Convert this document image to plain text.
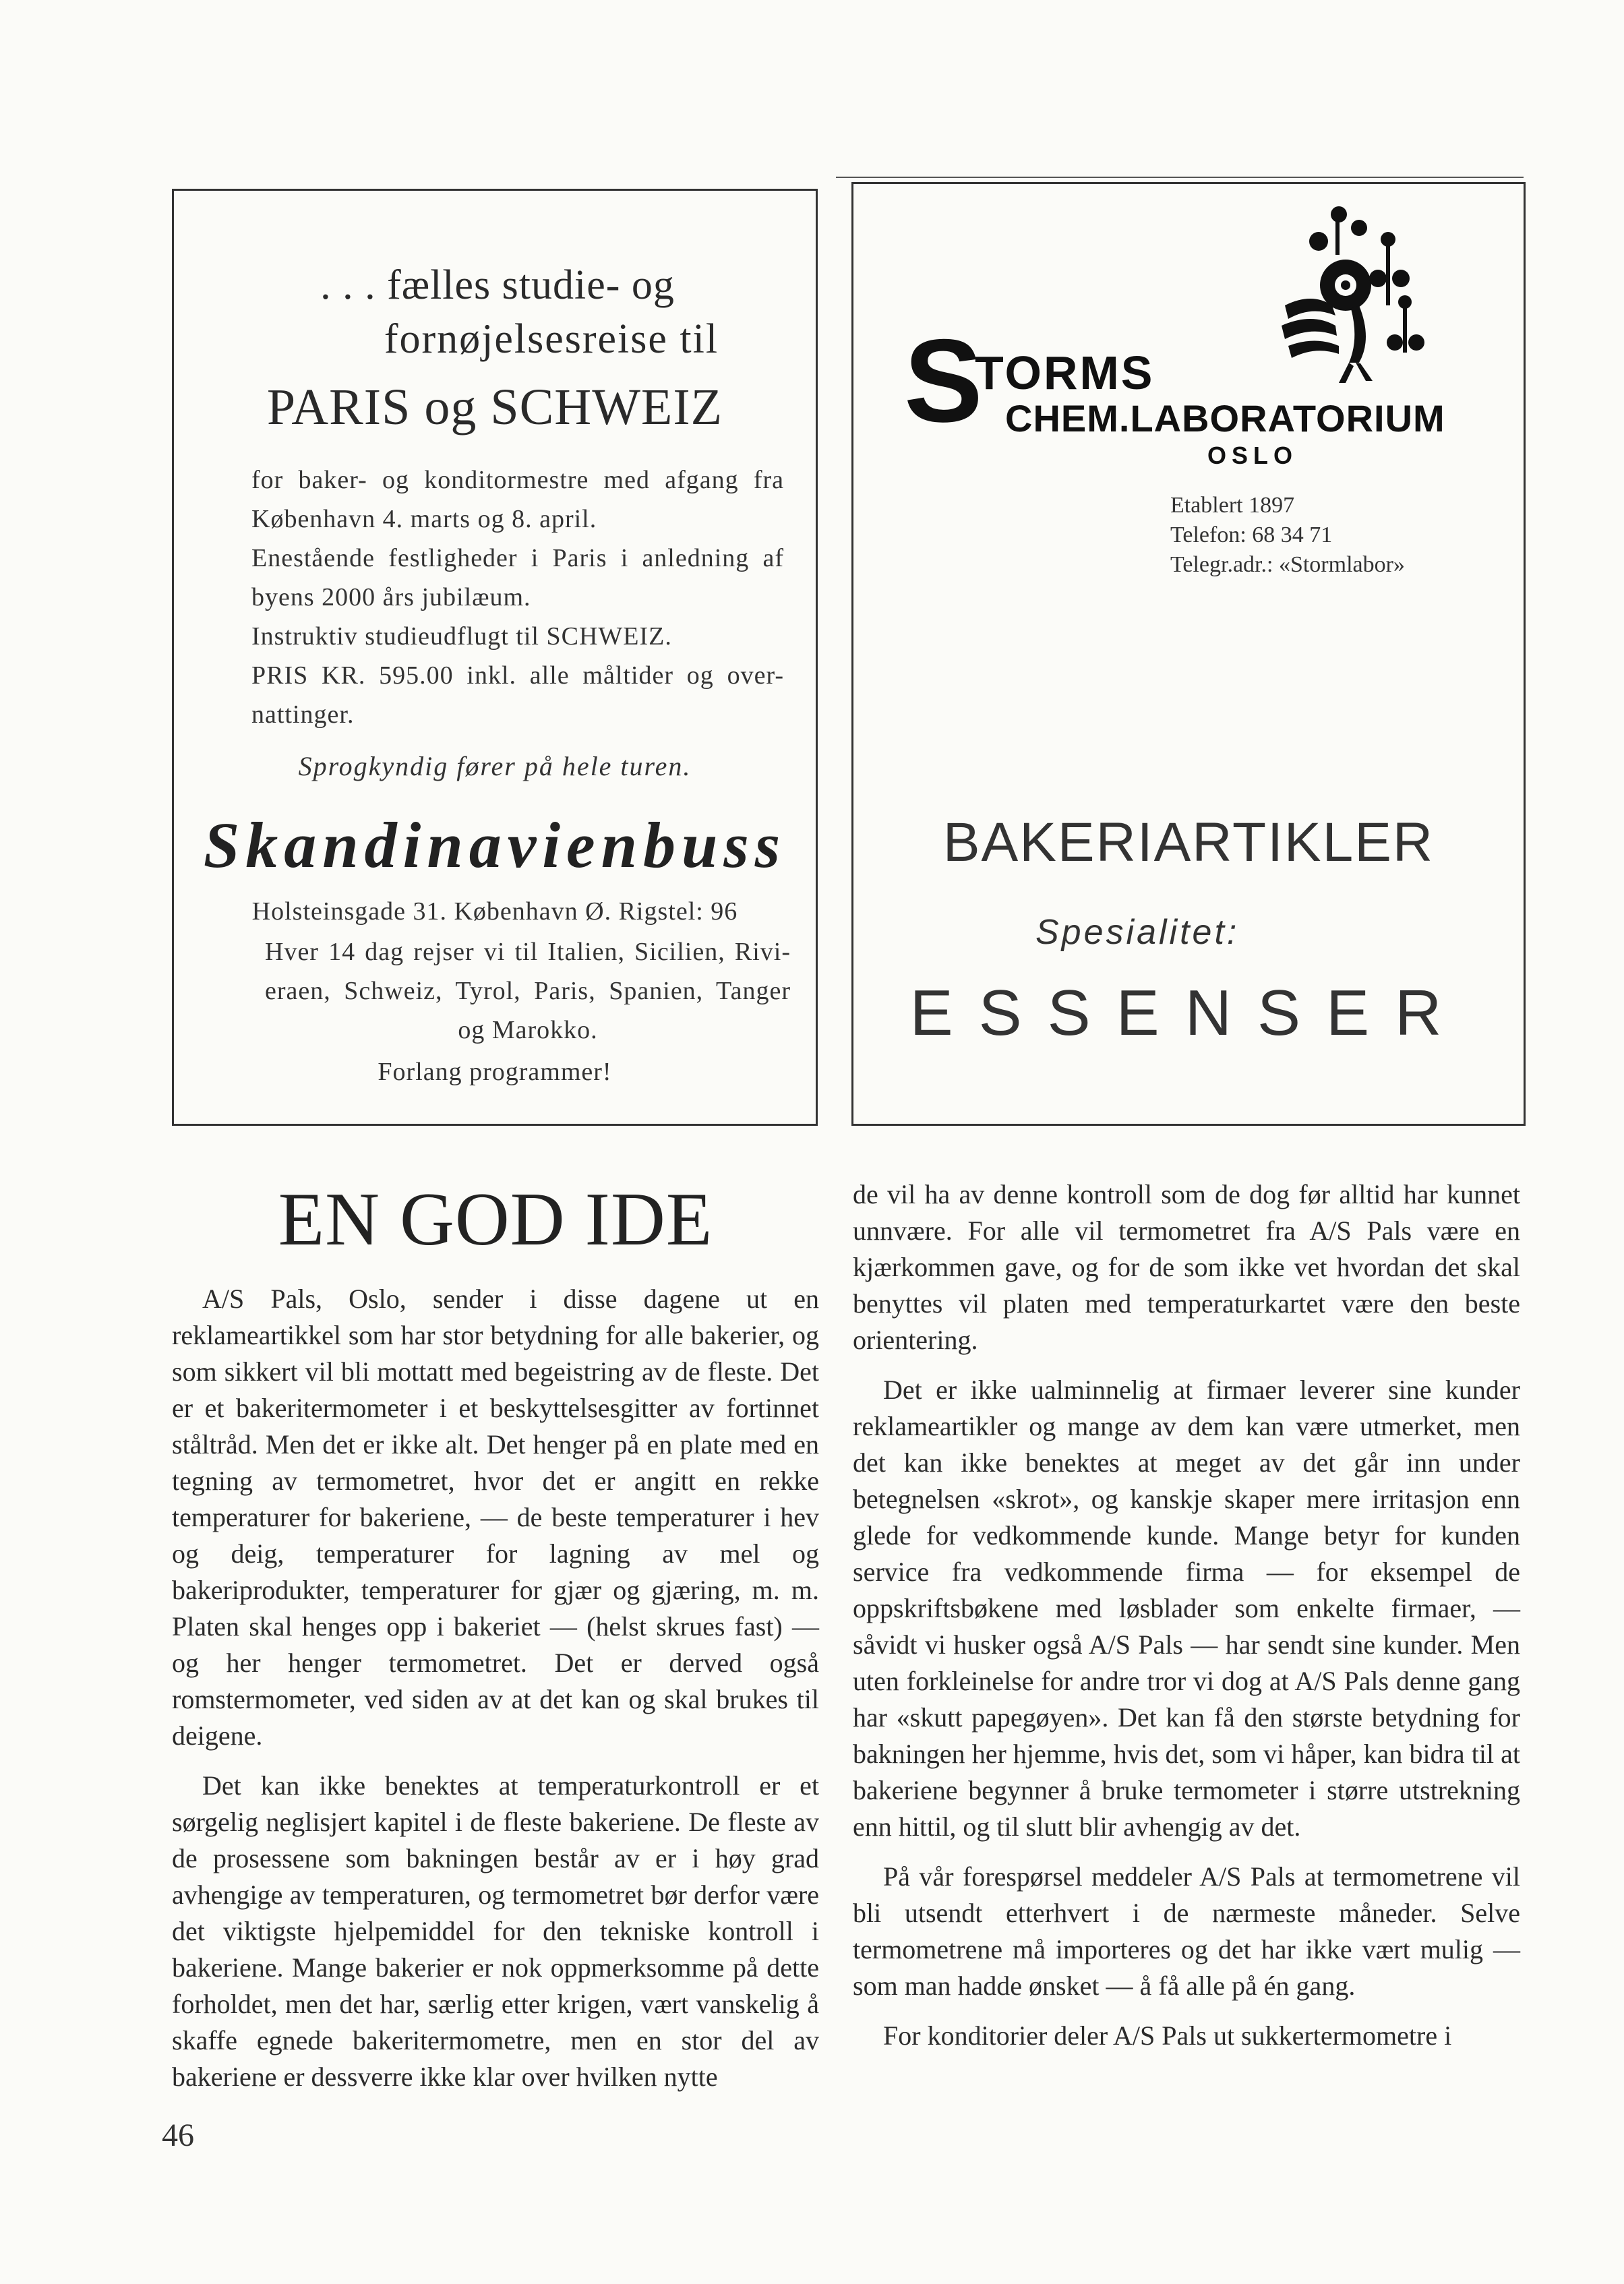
. . . fælles studie- og
fornøjelsesreise til
PARIS og SCHWEIZ
for baker- og konditormestre med afgang fra
København 4. marts og 8. april.
Enestående festligheder i Paris i anledning af
byens 2000 års jubilæum.
Instruktiv studieudflugt til SCHWEIZ.
PRIS KR. 595.00 inkl. alle måltider og over-
nattinger.
Sprogkyndig fører på hele turen.
Skandinavienbuss
Holsteinsgade 31. København Ø. Rigstel: 96
Hver 14 dag rejser vi til Italien, Sicilien, Rivi-
eraen, Schweiz, Tyrol, Paris, Spanien, Tanger
og Marokko.
Forlang programmer!
S
TORMS
CHEM.LABORATORIUM
OSLO
Etablert 1897
Telefon: 68 34 71
Telegr.adr.: «Stormlabor»
BAKERIARTIKLER
Spesialitet:
ESSENSER
EN GOD IDE

A/S Pals, Oslo, sender i disse dagene ut en reklameartikkel som har stor betydning for alle bakerier, og som sikkert vil bli mottatt med begeistring av de fleste. Det er et bakeritermometer i et beskyttelsesgitter av fortinnet ståltråd. Men det er ikke alt. Det henger på en plate med en tegning av termometret, hvor det er angitt en rekke temperaturer for bakeriene, — de beste temperaturer i hev og deig, temperaturer for lagning av mel og bakeriprodukter, temperaturer for gjær og gjæring, m. m. Platen skal henges opp i bakeriet — (helst skrues fast) — og her henger termometret. Det er derved også romstermometer, ved siden av at det kan og skal brukes til deigene.

Det kan ikke benektes at temperaturkontroll er et sørgelig neglisjert kapitel i de fleste bakeriene. De fleste av de prosessene som bakningen består av er i høy grad avhengige av temperaturen, og termometret bør derfor være det viktigste hjelpemiddel for den tekniske kontroll i bakeriene. Mange bakerier er nok oppmerksomme på dette forholdet, men det har, særlig etter krigen, vært vanskelig å skaffe egnede bakeritermometre, men en stor del av bakeriene er dessverre ikke klar over hvilken nytte

de vil ha av denne kontroll som de dog før alltid har kunnet unnvære. For alle vil termometret fra A/S Pals være en kjærkommen gave, og for de som ikke vet hvordan det skal benyttes vil platen med temperaturkartet være den beste orientering.

Det er ikke ualminnelig at firmaer leverer sine kunder reklameartikler og mange av dem kan være utmerket, men det kan ikke benektes at meget av det går inn under betegnelsen «skrot», og kanskje skaper mere irritasjon enn glede for vedkommende kunde. Mange betyr for kunden service fra vedkommende firma — for eksempel de oppskriftsbøkene med løsblader som enkelte firmaer, — såvidt vi husker også A/S Pals — har sendt sine kunder. Men uten forkleinelse for andre tror vi dog at A/S Pals denne gang har «skutt papegøyen». Det kan få den største betydning for bakningen her hjemme, hvis det, som vi håper, kan bidra til at bakeriene begynner å bruke termometer i større utstrekning enn hittil, og til slutt blir avhengig av det.

På vår forespørsel meddeler A/S Pals at termometrene vil bli utsendt etterhvert i de nærmeste måneder. Selve termometrene må importeres og det har ikke vært mulig — som man hadde ønsket — å få alle på én gang.

For konditorier deler A/S Pals ut sukkertermometre i

46
